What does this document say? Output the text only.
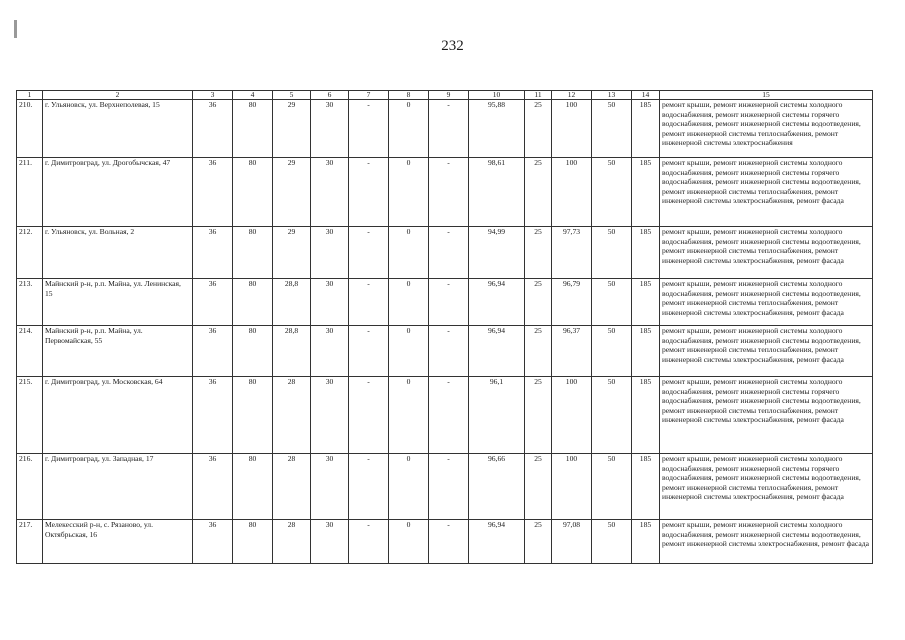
232
1	2	3	4	5	6	7	8	9	10	11	12	13	14	15
210.	г. Ульяновск, ул. Верхнеполевая, 15	36	80	29	30	-	0	-	95,88	25	100	50	185	ремонт крыши, ремонт инженерной системы холодного водоснабжения, ремонт инженерной системы горячего водоснабжения, ремонт инженерной системы водоотведения, ремонт инженерной системы теплоснабжения, ремонт инженерной системы электроснабжения
211.	г. Димитровград, ул. Дрогобычская, 47	36	80	29	30	-	0	-	98,61	25	100	50	185	ремонт крыши, ремонт инженерной системы холодного водоснабжения, ремонт инженерной системы горячего водоснабжения, ремонт инженерной системы водоотведения, ремонт инженерной системы теплоснабжения, ремонт инженерной системы электроснабжения, ремонт фасада
212.	г. Ульяновск, ул. Вольная, 2	36	80	29	30	-	0	-	94,99	25	97,73	50	185	ремонт крыши, ремонт инженерной системы холодного водоснабжения, ремонт инженерной системы водоотведения, ремонт инженерной системы теплоснабжения, ремонт инженерной системы электроснабжения, ремонт фасада
213.	Майнский р-н, р.п. Майна, ул. Ленинская, 15	36	80	28,8	30	-	0	-	96,94	25	96,79	50	185	ремонт крыши, ремонт инженерной системы холодного водоснабжения, ремонт инженерной системы водоотведения, ремонт инженерной системы теплоснабжения, ремонт инженерной системы электроснабжения, ремонт фасада
214.	Майнский р-н, р.п. Майна, ул. Первомайская, 55	36	80	28,8	30	-	0	-	96,94	25	96,37	50	185	ремонт крыши, ремонт инженерной системы холодного водоснабжения, ремонт инженерной системы водоотведения, ремонт инженерной системы теплоснабжения, ремонт инженерной системы электроснабжения, ремонт фасада
215.	г. Димитровград, ул. Московская, 64	36	80	28	30	-	0	-	96,1	25	100	50	185	ремонт крыши, ремонт инженерной системы холодного водоснабжения, ремонт инженерной системы горячего водоснабжения, ремонт инженерной системы водоотведения, ремонт инженерной системы теплоснабжения, ремонт инженерной системы электроснабжения, ремонт фасада
216.	г. Димитровград, ул. Западная, 17	36	80	28	30	-	0	-	96,66	25	100	50	185	ремонт крыши, ремонт инженерной системы холодного водоснабжения, ремонт инженерной системы горячего водоснабжения, ремонт инженерной системы водоотведения, ремонт инженерной системы теплоснабжения, ремонт инженерной системы электроснабжения, ремонт фасада
217.	Мелекесский р-н, с. Рязаново, ул. Октябрьская, 16	36	80	28	30	-	0	-	96,94	25	97,08	50	185	ремонт крыши, ремонт инженерной системы холодного водоснабжения, ремонт инженерной системы водоотведения, ремонт инженерной системы электроснабжения, ремонт фасада
